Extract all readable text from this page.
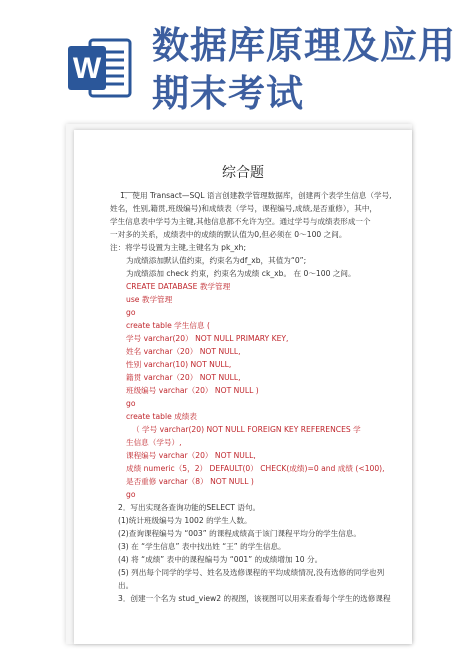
W
数据库原理及应用
期末考试
综合题
1．使用 Transact—SQL 语言创建教学管理数据库，创建两个表学生信息（学号,
姓名，性别,籍贯,班级编号)和成绩表（学号，课程编号,成绩,是否重修），其中，
学生信息表中学号为主键,其他信息都不允许为空。通过学号与成绩表形成一个
一对多的关系，成绩表中的成绩的默认值为0,但必须在 0～100 之间。
注：将学号设置为主键,主键名为 pk_xh;
为成绩添加默认值约束，约束名为df_xb，其值为“0”;
为成绩添加 check 约束，约束名为成绩 ck_xb。 在 0～100 之间。
CREATE DATABASE 教学管理
use 教学管理
go
create table 学生信息 (
学号 varchar(20） NOT NULL PRIMARY KEY,
姓名 varchar（20） NOT NULL,
性别 varchar(10) NOT NULL,
籍贯 varchar（20） NOT NULL,
班级编号 varchar（20） NOT NULL )
go
create table 成绩表
（ 学号 varchar(20) NOT NULL FOREIGN KEY REFERENCES 学
生信息（学号）,
课程编号 varchar（20） NOT NULL,
成绩 numeric（5，2） DEFAULT(0） CHECK(成绩)=0 and 成绩 (<100),
是否重修 varchar（8） NOT NULL )
go
2．写出实现各查询功能的SELECT 语句。
(1)统计班级编号为 1002 的学生人数。
(2)查询课程编号为 “003” 的课程成绩高于该门课程平均分的学生信息。
(3) 在 “学生信息” 表中找出姓 “王” 的学生信息。
(4) 将 “成绩” 表中的课程编号为 “001” 的成绩增加 10 分。
(5) 列出每个同学的学号、姓名及选修课程的平均成绩情况,没有选修的同学也列
出。
3．创建一个名为 stud_view2 的视图，该视图可以用来查看每个学生的选修课程
